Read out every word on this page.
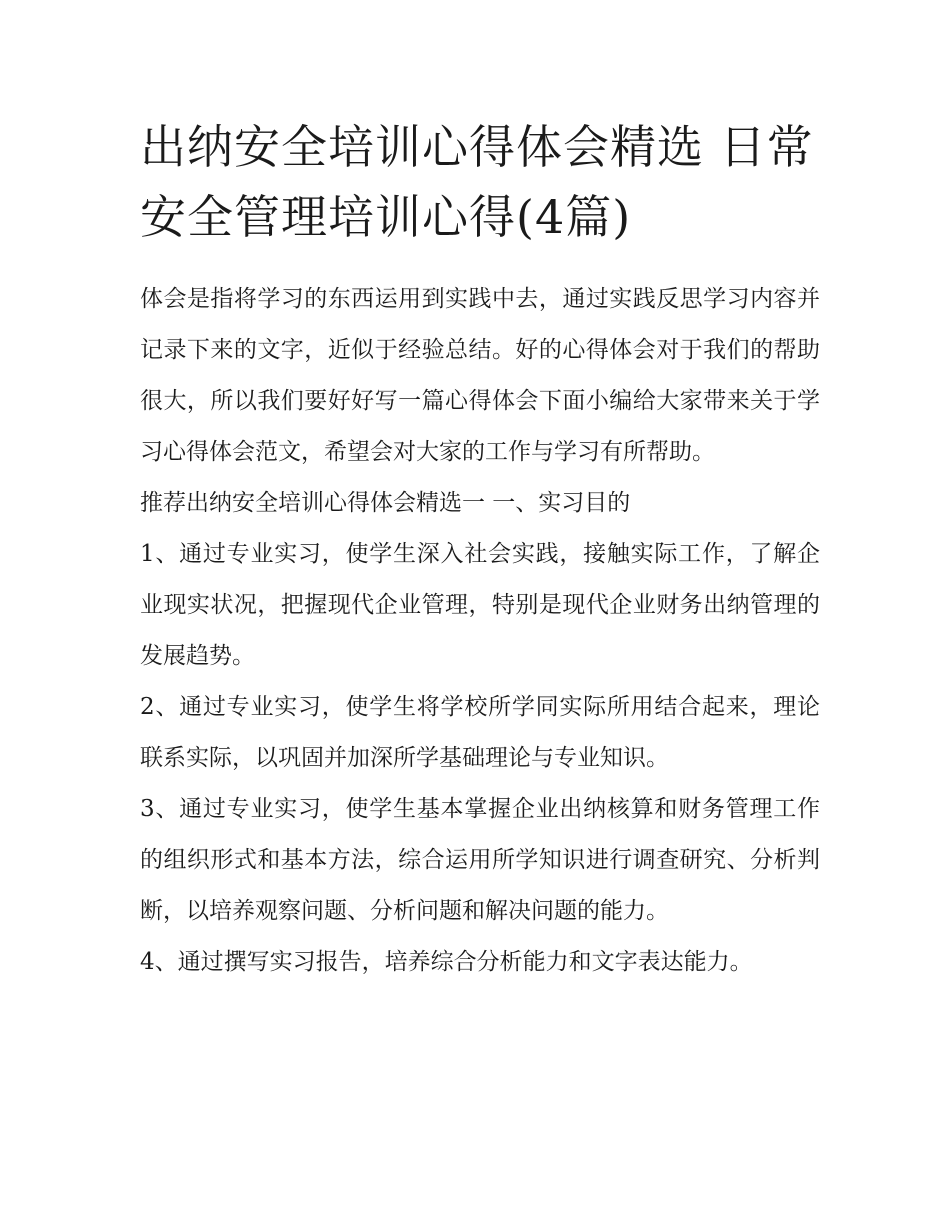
出纳安全培训心得体会精选 日常安全管理培训心得(4篇)

体会是指将学习的东西运用到实践中去，通过实践反思学习内容并记录下来的文字，近似于经验总结。好的心得体会对于我们的帮助很大，所以我们要好好写一篇心得体会下面小编给大家带来关于学习心得体会范文，希望会对大家的工作与学习有所帮助。

推荐出纳安全培训心得体会精选一 一、实习目的

1、通过专业实习，使学生深入社会实践，接触实际工作，了解企业现实状况，把握现代企业管理，特别是现代企业财务出纳管理的发展趋势。

2、通过专业实习，使学生将学校所学同实际所用结合起来，理论联系实际，以巩固并加深所学基础理论与专业知识。

3、通过专业实习，使学生基本掌握企业出纳核算和财务管理工作的组织形式和基本方法，综合运用所学知识进行调查研究、分析判断，以培养观察问题、分析问题和解决问题的能力。

4、通过撰写实习报告，培养综合分析能力和文字表达能力。
